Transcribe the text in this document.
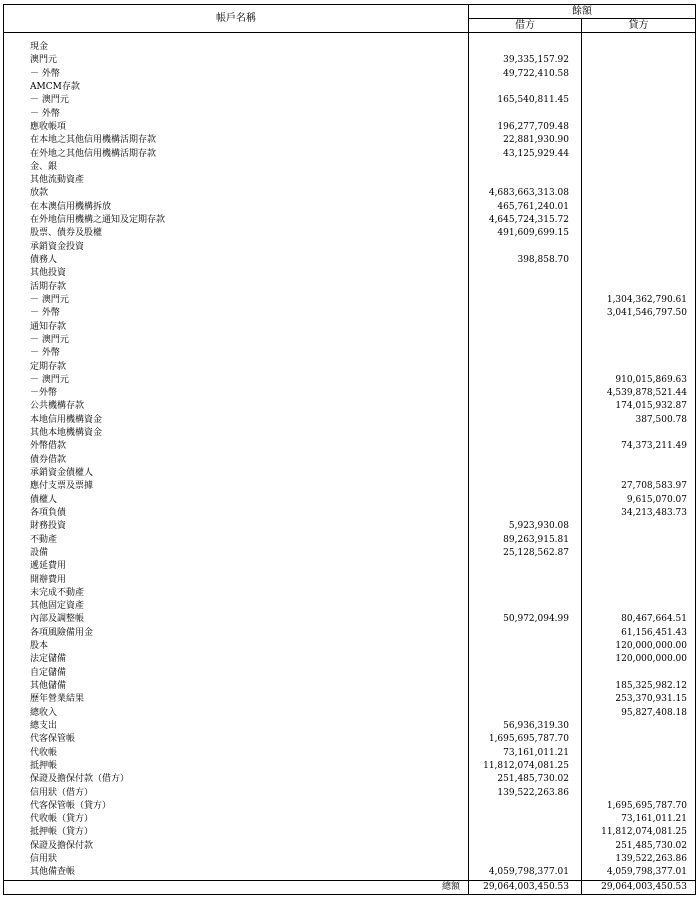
帳戶名稱	餘額	
	借方	貸方

現金		
澳門元	39,335,157.92	
－ 外幣	49,722,410.58	
AMCM存款		
－ 澳門元	165,540,811.45	
－ 外幣		
應收帳項	196,277,709.48	
在本地之其他信用機構活期存款	22,881,930.90	
在外地之其他信用機構活期存款	43,125,929.44	
金、銀		
其他流動資產		
放款	4,683,663,313.08	
在本澳信用機構拆放	465,761,240.01	
在外地信用機構之通知及定期存款	4,645,724,315.72	
股票、債券及股權	491,609,699.15	
承銷資金投資		
債務人	398,858.70	
其他投資		
活期存款		
－ 澳門元		1,304,362,790.61
－ 外幣		3,041,546,797.50
通知存款		
－ 澳門元		
－ 外幣		
定期存款		
－ 澳門元		910,015,869.63
－外幣		4,539,878,521.44
公共機構存款		174,015,932.87
本地信用機構資金		387,500.78
其他本地機構資金		
外幣借款		74,373,211.49
債券借款		
承銷資金債權人		
應付支票及票據		27,708,583.97
債權人		9,615,070.07
各項負債		34,213,483.73
財務投資	5,923,930.08	
不動產	89,263,915.81	
設備	25,128,562.87	
遞延費用		
開辦費用		
未完成不動產		
其他固定資產		
內部及調整帳	50,972,094.99	80,467,664.51
各項風險備用金		61,156,451.43
股本		120,000,000.00
法定儲備		120,000,000.00
自定儲備		
其他儲備		185,325,982.12
歷年營業結果		253,370,931.15
總收入		95,827,408.18
總支出	56,936,319.30	
代客保管帳	1,695,695,787.70	
代收帳	73,161,011.21	
抵押帳	11,812,074,081.25	
保證及擔保付款（借方）	251,485,730.02	
信用狀（借方）	139,522,263.86	
代客保管帳（貸方）		1,695,695,787.70
代收帳（貸方）		73,161,011.21
抵押帳（貸方）		11,812,074,081.25
保證及擔保付款		251,485,730.02
信用狀		139,522,263.86
其他備查帳	4,059,798,377.01	4,059,798,377.01
總額	29,064,003,450.53	29,064,003,450.53
